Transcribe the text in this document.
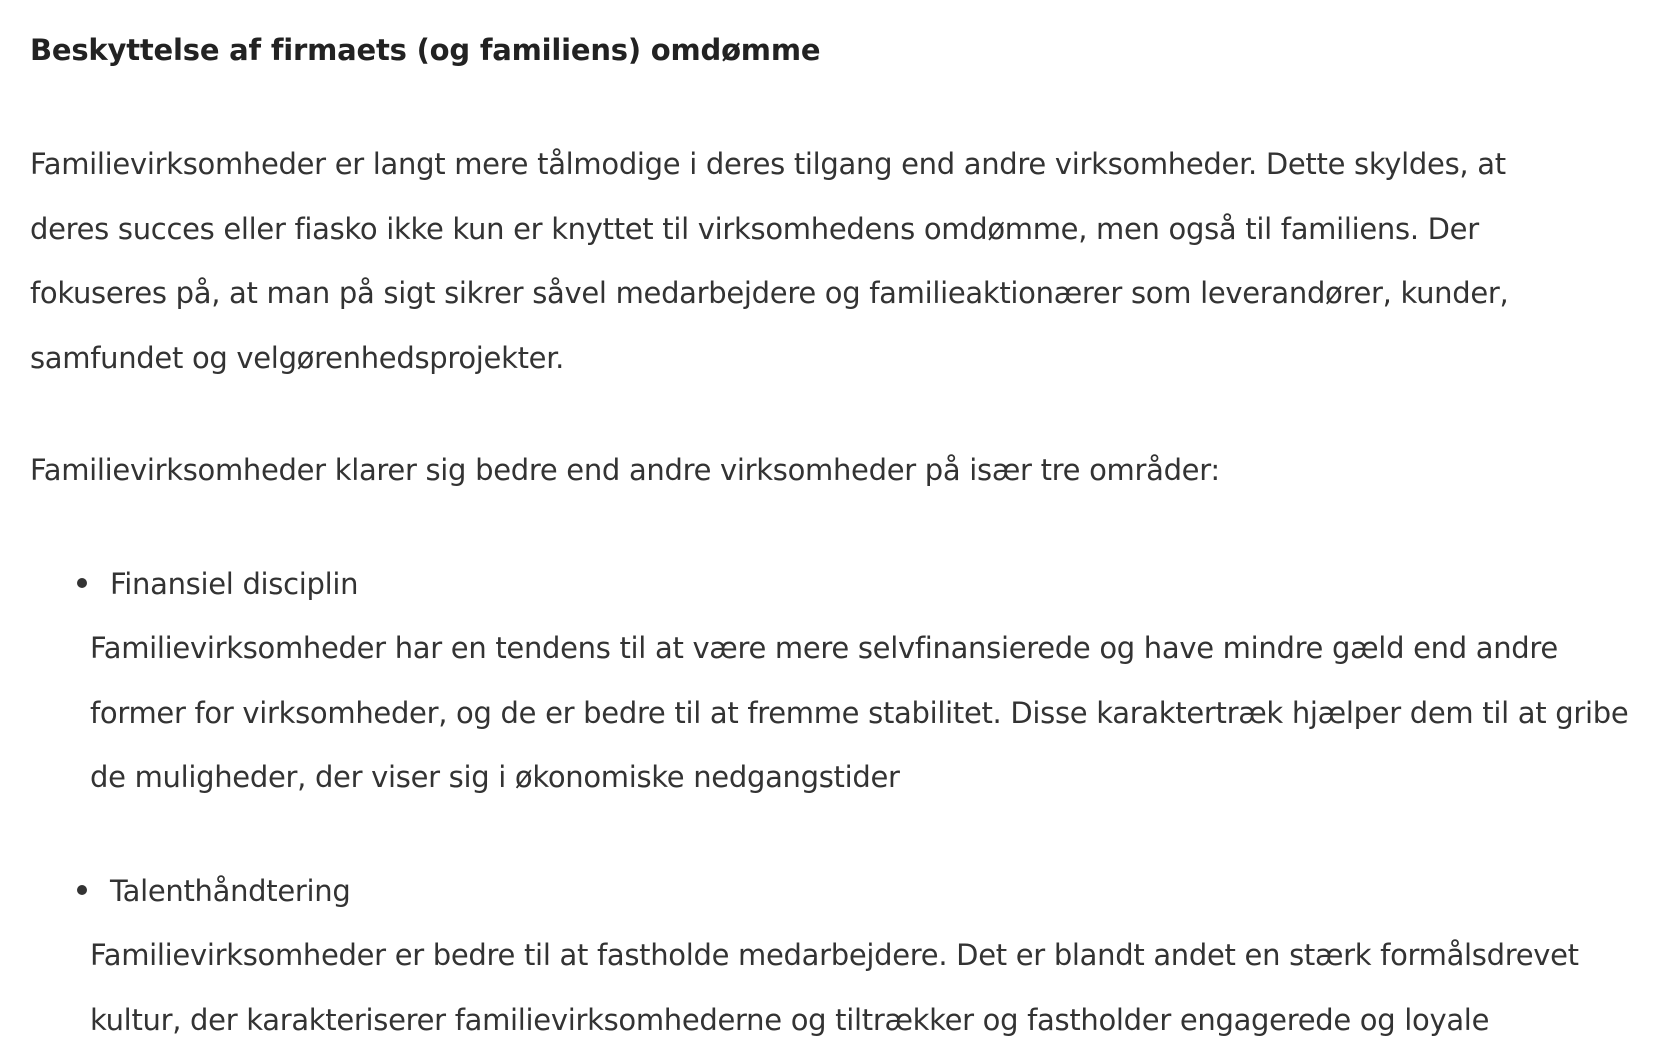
Beskyttelse af firmaets (og familiens) omdømme

Familievirksomheder er langt mere tålmodige i deres tilgang end andre virksomheder. Dette skyldes, at deres succes eller fiasko ikke kun er knyttet til virksomhedens omdømme, men også til familiens. Der fokuseres på, at man på sigt sikrer såvel medarbejdere og familieaktionærer som leverandører, kunder, samfundet og velgørenhedsprojekter.

Familievirksomheder klarer sig bedre end andre virksomheder på især tre områder:

Finansiel disciplin

Familievirksomheder har en tendens til at være mere selvfinansierede og have mindre gæld end andre former for virksomheder, og de er bedre til at fremme stabilitet. Disse karaktertræk hjælper dem til at gribe de muligheder, der viser sig i økonomiske nedgangstider

Talenthåndtering

Familievirksomheder er bedre til at fastholde medarbejdere. Det er blandt andet en stærk formålsdrevet kultur, der karakteriserer familievirksomhederne og tiltrækker og fastholder engagerede og loyale
